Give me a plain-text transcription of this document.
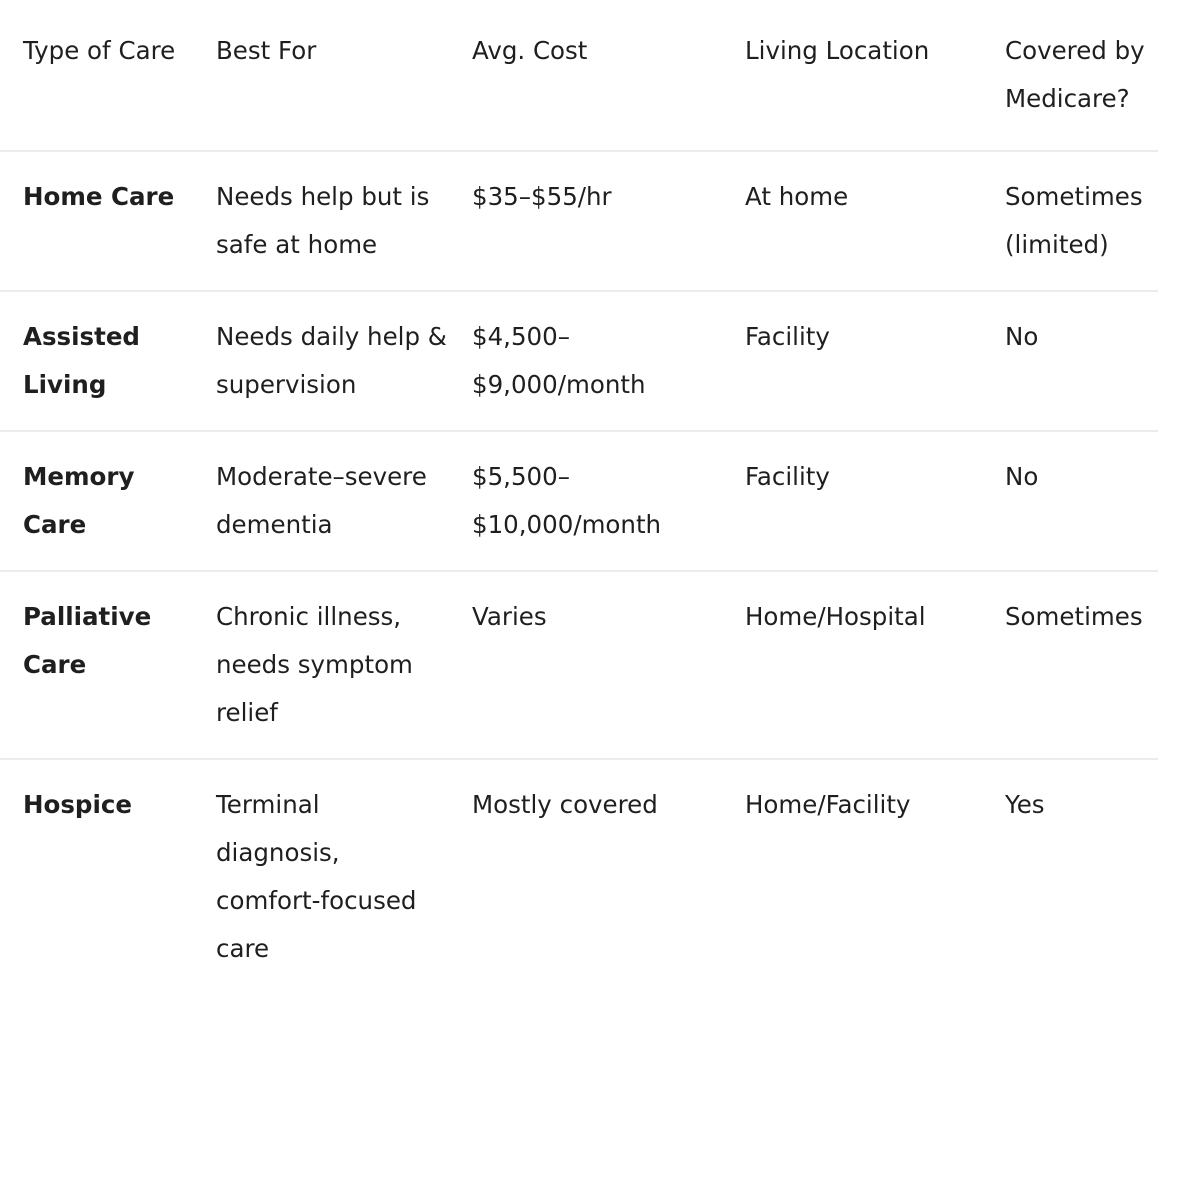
Type of Care	Best For	Avg. Cost	Living Location	Covered by Medicare?
Home Care	Needs help but is safe at home	$35–$55/hr	At home	Sometimes (limited)
Assisted Living	Needs daily help & supervision	$4,500–$9,000/month	Facility	No
Memory Care	Moderate–severe dementia	$5,500–$10,000/month	Facility	No
Palliative Care	Chronic illness, needs symptom relief	Varies	Home/Hospital	Sometimes
Hospice	Terminal diagnosis, comfort-focused care	Mostly covered	Home/Facility	Yes
